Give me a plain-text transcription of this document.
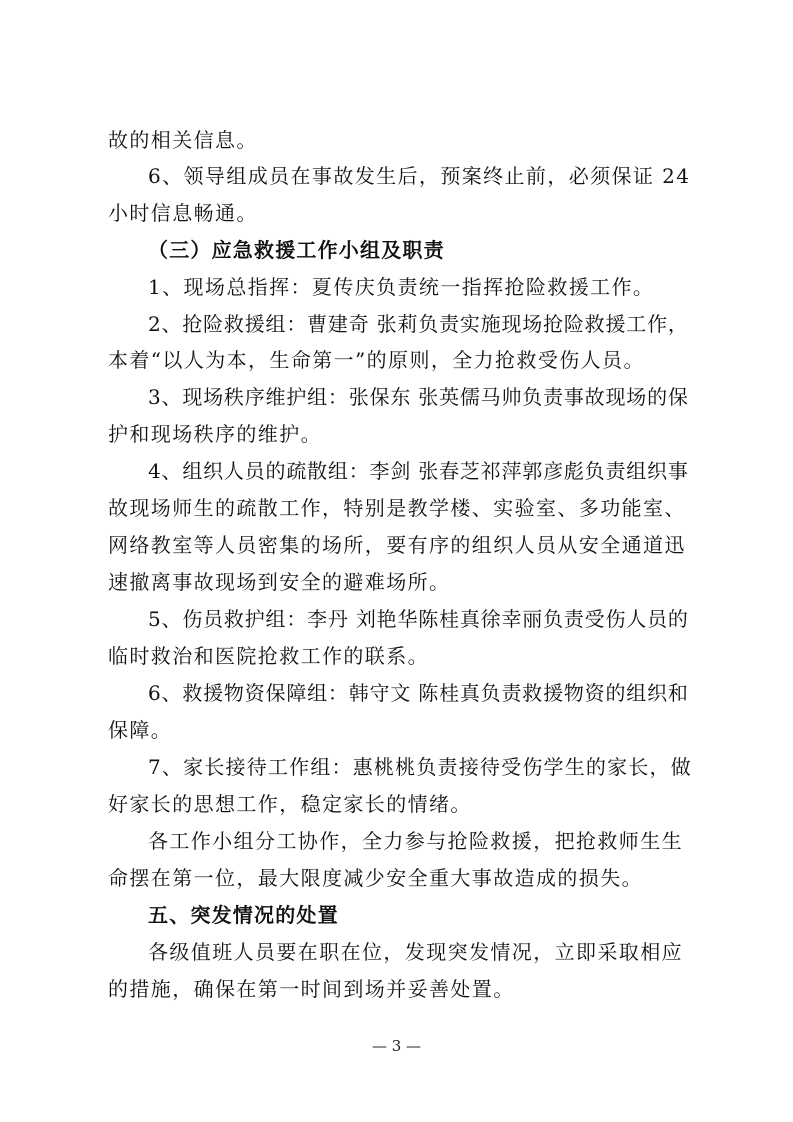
故的相关信息。
6、领导组成员在事故发生后，预案终止前，必须保证 24
小时信息畅通。
（三）应急救援工作小组及职责
1、现场总指挥：夏传庆负责统一指挥抢险救援工作。
2、抢险救援组：曹建奇 张莉负责实施现场抢险救援工作，
本着“以人为本，生命第一”的原则，全力抢救受伤人员。
3、现场秩序维护组：张保东 张英儒马帅负责事故现场的保
护和现场秩序的维护。
4、组织人员的疏散组：李剑 张春芝祁萍郭彦彪负责组织事
故现场师生的疏散工作，特别是教学楼、实验室、多功能室、
网络教室等人员密集的场所，要有序的组织人员从安全通道迅
速撤离事故现场到安全的避难场所。
5、伤员救护组：李丹 刘艳华陈桂真徐幸丽负责受伤人员的
临时救治和医院抢救工作的联系。
6、救援物资保障组：韩守文 陈桂真负责救援物资的组织和
保障。
7、家长接待工作组：惠桃桃负责接待受伤学生的家长，做
好家长的思想工作，稳定家长的情绪。
各工作小组分工协作，全力参与抢险救援，把抢救师生生
命摆在第一位，最大限度减少安全重大事故造成的损失。
五、突发情况的处置
各级值班人员要在职在位，发现突发情况，立即采取相应
的措施，确保在第一时间到场并妥善处置。
— 3 —
